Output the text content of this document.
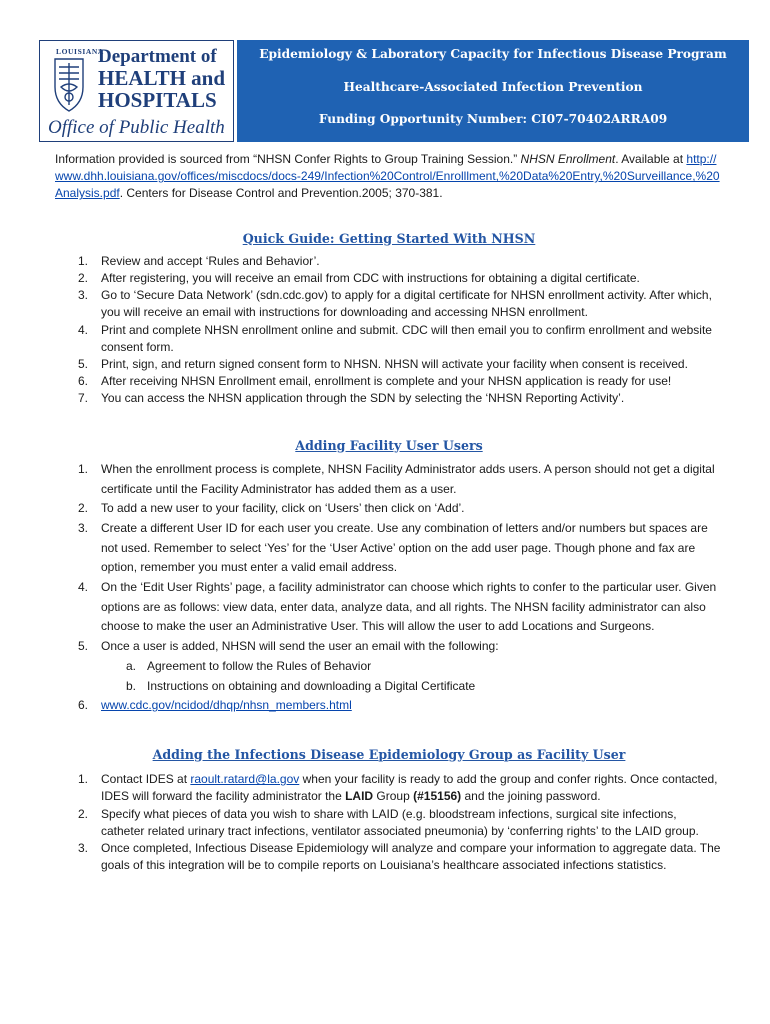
LOUISIANA
Department of
HEALTH and
HOSPITALS
Office of Public Health
Epidemiology & Laboratory Capacity for Infectious Disease Program
Healthcare-Associated Infection Prevention
Funding Opportunity Number: CI07-70402ARRA09

Information provided is sourced from “NHSN Confer Rights to Group Training Session.” NHSN Enrollment. Available at http://www.dhh.louisiana.gov/offices/miscdocs/docs-249/Infection%20Control/Enrolllment,%20Data%20Entry,%20Surveillance,%20Analysis.pdf. Centers for Disease Control and Prevention.2005; 370-381.

Quick Guide: Getting Started With NHSN
1. Review and accept ‘Rules and Behavior’.
2. After registering, you will receive an email from CDC with instructions for obtaining a digital certificate.
3. Go to ‘Secure Data Network’ (sdn.cdc.gov) to apply for a digital certificate for NHSN enrollment activity. After which, you will receive an email with instructions for downloading and accessing NHSN enrollment.
4. Print and complete NHSN enrollment online and submit. CDC will then email you to confirm enrollment and website consent form.
5. Print, sign, and return signed consent form to NHSN. NHSN will activate your facility when consent is received.
6. After receiving NHSN Enrollment email, enrollment is complete and your NHSN application is ready for use!
7. You can access the NHSN application through the SDN by selecting the ‘NHSN Reporting Activity’.
Adding Facility User Users
1. When the enrollment process is complete, NHSN Facility Administrator adds users. A person should not get a digital certificate until the Facility Administrator has added them as a user.
2. To add a new user to your facility, click on ‘Users’ then click on ‘Add’.
3. Create a different User ID for each user you create. Use any combination of letters and/or numbers but spaces are not used. Remember to select ‘Yes’ for the ‘User Active’ option on the add user page. Though phone and fax are option, remember you must enter a valid email address.
4. On the ‘Edit User Rights’ page, a facility administrator can choose which rights to confer to the particular user. Given options are as follows: view data, enter data, analyze data, and all rights. The NHSN facility administrator can also choose to make the user an Administrative User. This will allow the user to add Locations and Surgeons.
5. Once a user is added, NHSN will send the user an email with the following:
a. Agreement to follow the Rules of Behavior
b. Instructions on obtaining and downloading a Digital Certificate
6. www.cdc.gov/ncidod/dhqp/nhsn_members.html
Adding the Infections Disease Epidemiology Group as Facility User
1. Contact IDES at raoult.ratard@la.gov when your facility is ready to add the group and confer rights. Once contacted, IDES will forward the facility administrator the LAID Group (#15156) and the joining password.
2. Specify what pieces of data you wish to share with LAID (e.g. bloodstream infections, surgical site infections, catheter related urinary tract infections, ventilator associated pneumonia) by ‘conferring rights’ to the LAID group.
3. Once completed, Infectious Disease Epidemiology will analyze and compare your information to aggregate data. The goals of this integration will be to compile reports on Louisiana’s healthcare associated infections statistics.
